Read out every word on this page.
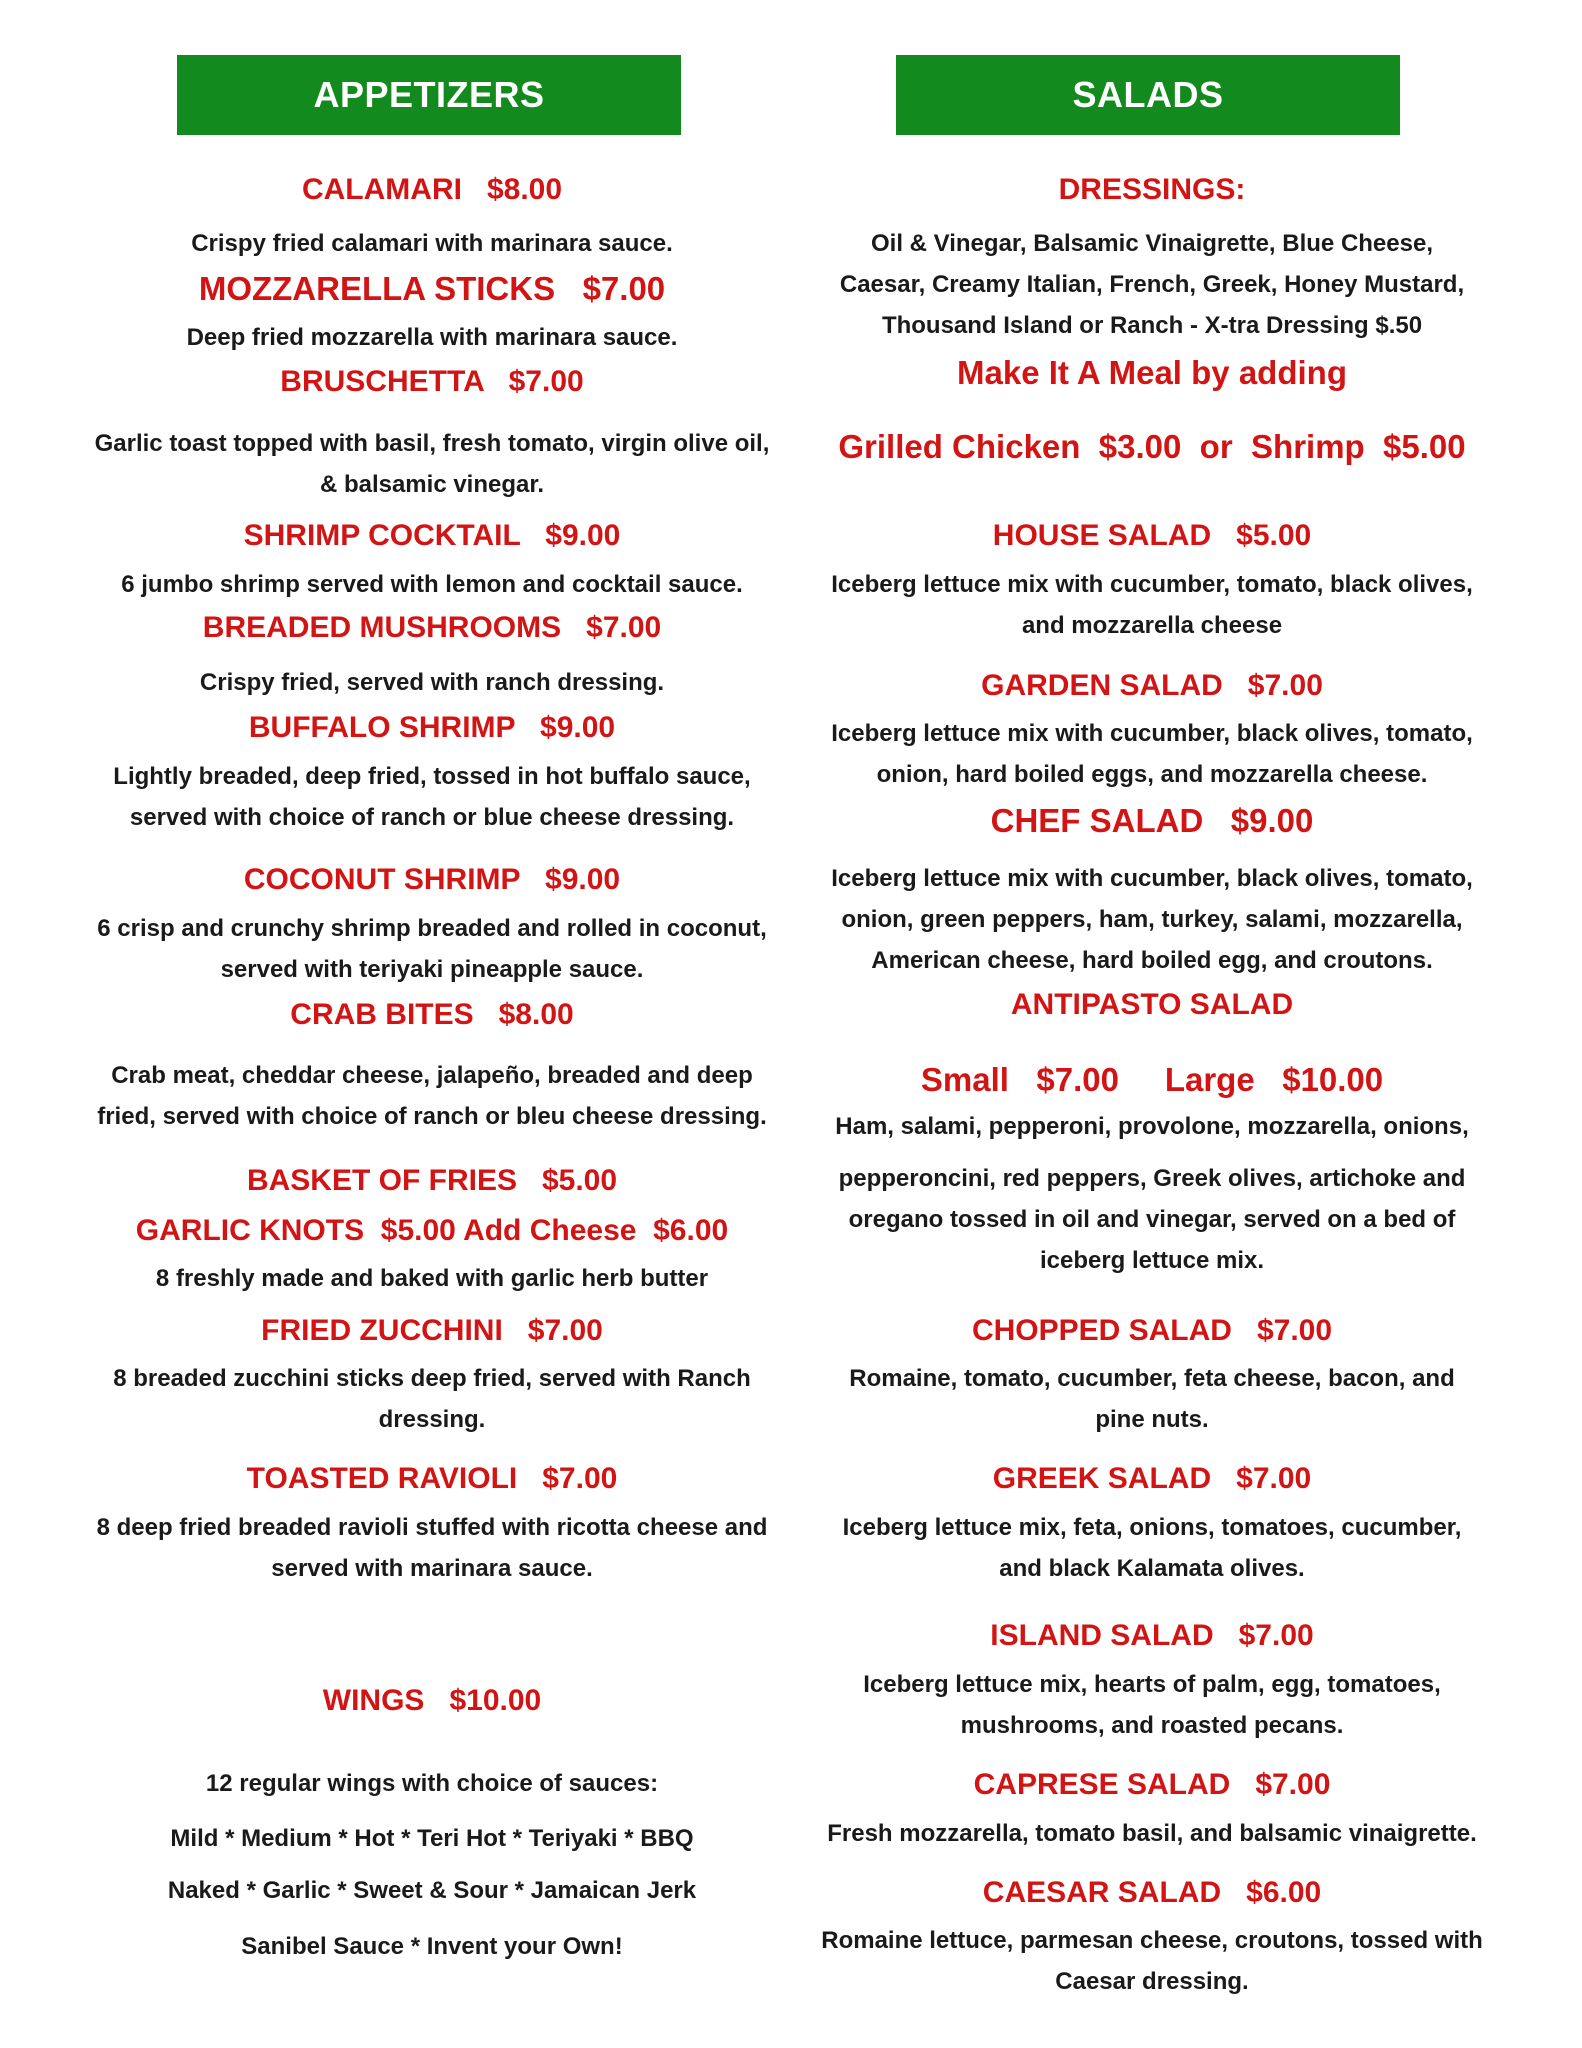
APPETIZERS
CALAMARI   $8.00
Crispy fried calamari with marinara sauce.
MOZZARELLA STICKS   $7.00
Deep fried mozzarella with marinara sauce.
BRUSCHETTA   $7.00
Garlic toast topped with basil, fresh tomato, virgin olive oil,
& balsamic vinegar.
SHRIMP COCKTAIL   $9.00
6 jumbo shrimp served with lemon and cocktail sauce.
BREADED MUSHROOMS   $7.00
Crispy fried, served with ranch dressing.
BUFFALO SHRIMP   $9.00
Lightly breaded, deep fried, tossed in hot buffalo sauce,
served with choice of ranch or blue cheese dressing.
COCONUT SHRIMP   $9.00
6 crisp and crunchy shrimp breaded and rolled in coconut,
served with teriyaki pineapple sauce.
CRAB BITES   $8.00
Crab meat, cheddar cheese, jalapeño, breaded and deep
fried, served with choice of ranch or bleu cheese dressing.
BASKET OF FRIES   $5.00
GARLIC KNOTS  $5.00 Add Cheese  $6.00
8 freshly made and baked with garlic herb butter
FRIED ZUCCHINI   $7.00
8 breaded zucchini sticks deep fried, served with Ranch
dressing.
TOASTED RAVIOLI   $7.00
8 deep fried breaded ravioli stuffed with ricotta cheese and
served with marinara sauce.
WINGS   $10.00
12 regular wings with choice of sauces:
Mild * Medium * Hot * Teri Hot * Teriyaki * BBQ
Naked * Garlic * Sweet & Sour * Jamaican Jerk
Sanibel Sauce * Invent your Own!
SALADS
DRESSINGS:
Oil & Vinegar, Balsamic Vinaigrette, Blue Cheese,
Caesar, Creamy Italian, French, Greek, Honey Mustard,
Thousand Island or Ranch - X-tra Dressing $.50
Make It A Meal by adding
Grilled Chicken  $3.00  or  Shrimp  $5.00
HOUSE SALAD   $5.00
Iceberg lettuce mix with cucumber, tomato, black olives,
and mozzarella cheese
GARDEN SALAD   $7.00
Iceberg lettuce mix with cucumber, black olives, tomato,
onion, hard boiled eggs, and mozzarella cheese.
CHEF SALAD   $9.00
Iceberg lettuce mix with cucumber, black olives, tomato,
onion, green peppers, ham, turkey, salami, mozzarella,
American cheese, hard boiled egg, and croutons.
ANTIPASTO SALAD
Small   $7.00     Large   $10.00
Ham, salami, pepperoni, provolone, mozzarella, onions,
pepperoncini, red peppers, Greek olives, artichoke and
oregano tossed in oil and vinegar, served on a bed of
iceberg lettuce mix.
CHOPPED SALAD   $7.00
Romaine, tomato, cucumber, feta cheese, bacon, and
pine nuts.
GREEK SALAD   $7.00
Iceberg lettuce mix, feta, onions, tomatoes, cucumber,
and black Kalamata olives.
ISLAND SALAD   $7.00
Iceberg lettuce mix, hearts of palm, egg, tomatoes,
mushrooms, and roasted pecans.
CAPRESE SALAD   $7.00
Fresh mozzarella, tomato basil, and balsamic vinaigrette.
CAESAR SALAD   $6.00
Romaine lettuce, parmesan cheese, croutons, tossed with
Caesar dressing.
